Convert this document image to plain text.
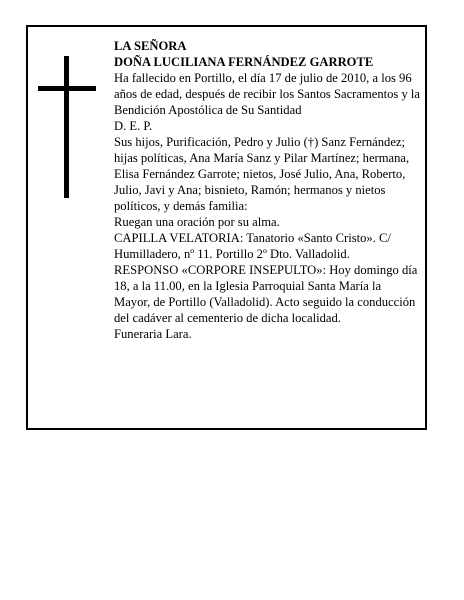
LA SEÑORA

DOÑA LUCILIANA FERNÁNDEZ GARROTE

Ha fallecido en Portillo, el día 17 de julio de 2010, a los 96 años de edad, después de recibir los Santos Sacramentos y la Bendición Apostólica de Su Santidad

D. E. P.

Sus hijos, Purificación, Pedro y Julio (†) Sanz Fernández; hijas políticas, Ana María Sanz y Pilar Martínez; hermana, Elisa Fernández Garrote; nietos, José Julio, Ana, Roberto, Julio, Javi y Ana; bisnieto, Ramón; hermanos y nietos políticos, y demás familia:

Ruegan una oración por su alma.

CAPILLA VELATORIA: Tanatorio «Santo Cristo». C/ Humilladero, nº 11. Portillo 2º Dto. Valladolid.

RESPONSO «CORPORE INSEPULTO»: Hoy domingo día 18, a la 11.00, en la Iglesia Parroquial Santa María la Mayor, de Portillo (Valladolid). Acto seguido la conducción del cadáver al cementerio de dicha localidad.

Funeraria Lara.
